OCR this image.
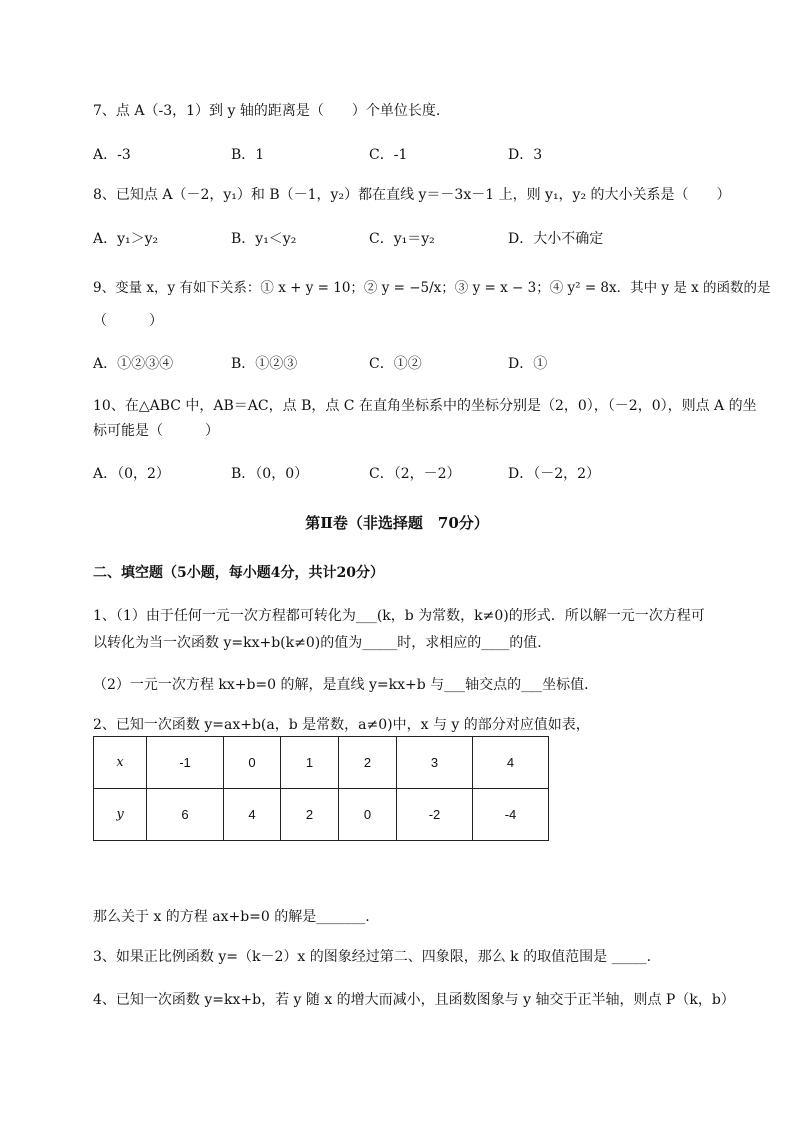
7、点 A（-3，1）到 y 轴的距离是（　　）个单位长度.
A．-3	B．1	C．-1	D．3
8、已知点 A（－2，y₁）和 B（－1，y₂）都在直线 y＝－3x－1 上，则 y₁，y₂ 的大小关系是（　　）
A．y₁＞y₂	B．y₁＜y₂	C．y₁＝y₂	D．大小不确定
9、变量 x，y 有如下关系：① x + y = 10；② y = −5/x；③ y = x − 3；④ y² = 8x．其中 y 是 x 的函数的是
（　　　）
A．①②③④	B．①②③	C．①②	D．①
10、在△ABC 中，AB＝AC，点 B，点 C 在直角坐标系中的坐标分别是（2，0），（－2，0），则点 A 的坐
标可能是（　　　）
A．（0，2）	B．（0，0）	C．（2，－2）	D．（－2，2）
第Ⅱ卷（非选择题　70分）
二、填空题（5小题，每小题4分，共计20分）
1、（1）由于任何一元一次方程都可转化为___(k，b 为常数，k≠0)的形式．所以解一元一次方程可
以转化为当一次函数 y=kx+b(k≠0)的值为_____时，求相应的____的值．
（2）一元一次方程 kx+b=0 的解，是直线 y=kx+b 与___轴交点的___坐标值．
2、已知一次函数 y=ax+b(a，b 是常数，a≠0)中，x 与 y 的部分对应值如表，
x	-1	0	1	2	3	4
y	6	4	2	0	-2	-4
那么关于 x 的方程 ax+b=0 的解是_______.
3、如果正比例函数 y=（k－2）x 的图象经过第二、四象限，那么 k 的取值范围是 _____.
4、已知一次函数 y=kx+b，若 y 随 x 的增大而减小，且函数图象与 y 轴交于正半轴，则点 P（k，b）
